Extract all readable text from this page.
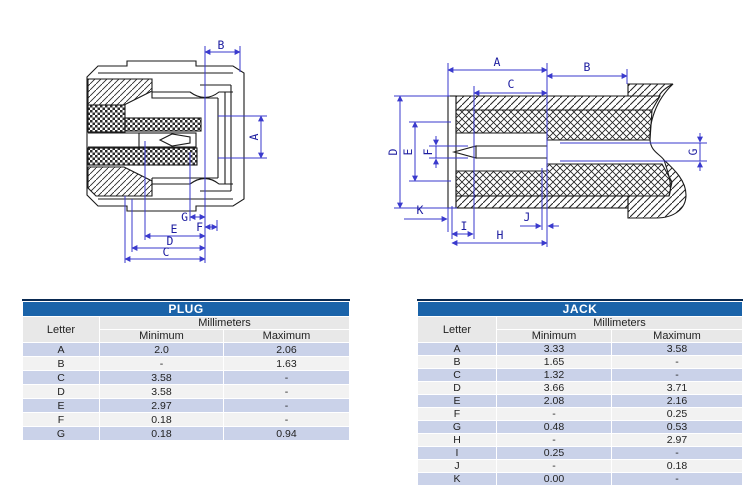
B
A
G
F
E
D
C
A	B
C
D E F	G
K
I
J
H
PLUG		
Letter	Millimeters	
	Minimum	Maximum
A	2.0	2.06
B	-	1.63
C	3.58	-
D	3.58	-
E	2.97	-
F	0.18	-
G	0.18	0.94
JACK		
Letter	Millimeters	
	Minimum	Maximum
A	3.33	3.58
B	1.65	-
C	1.32	-
D	3.66	3.71
E	2.08	2.16
F	-	0.25
G	0.48	0.53
H	-	2.97
I	0.25	-
J	-	0.18
K	0.00	-
